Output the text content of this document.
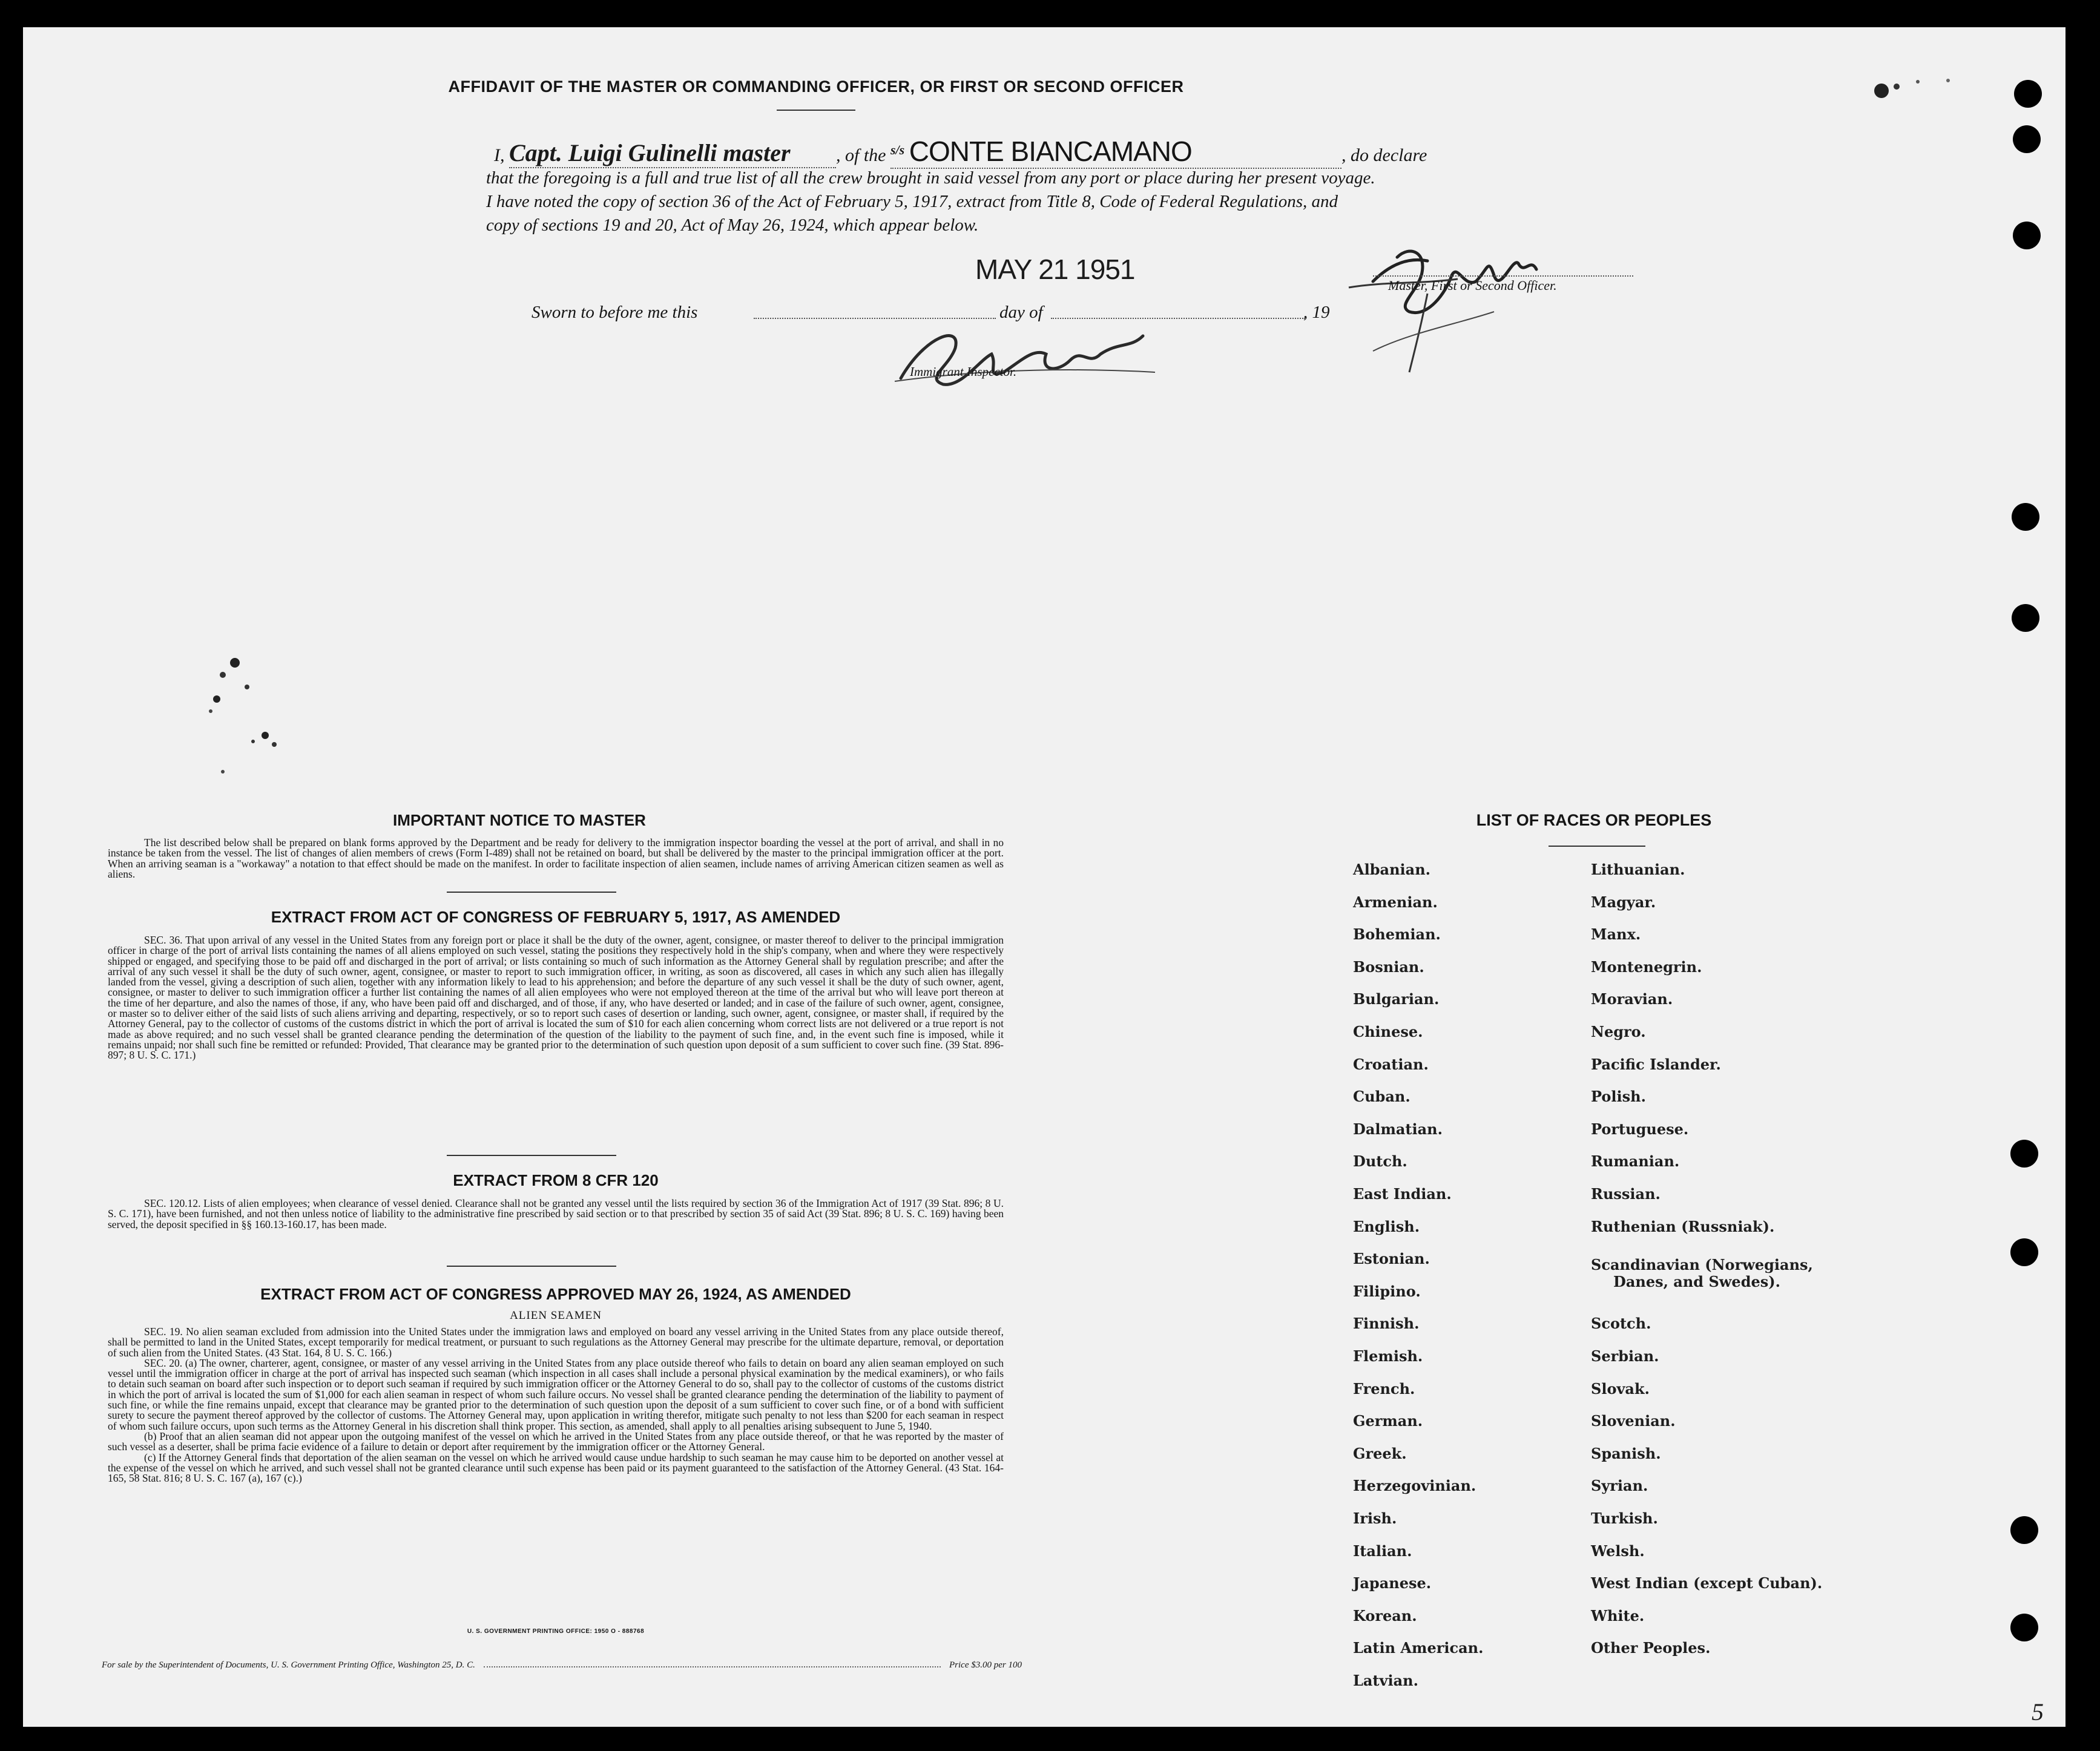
AFFIDAVIT OF THE MASTER OR COMMANDING OFFICER, OR FIRST OR SECOND OFFICER
I, Capt. Luigi Gulinelli master	, of the $^{s/s}$ CONTE BIANCAMANO	, do declare
that the foregoing is a full and true list of all the crew brought in said vessel from any port or place during her present voyage.
I have noted the copy of section 36 of the Act of February 5, 1917, extract from Title 8, Code of Federal Regulations, and
copy of sections 19 and 20, Act of May 26, 1924, which appear below.
MAY 21 1951
Master, First or Second Officer.
Sworn to before me this	day of	, 19
Immigrant Inspector.
IMPORTANT NOTICE TO MASTER
The list described below shall be prepared on blank forms approved by the Department and be ready for delivery to the immigration inspector boarding the vessel at the port of arrival, and shall in no instance be taken from the vessel. The list of changes of alien members of crews (Form I-489) shall not be retained on board, but shall be delivered by the master to the principal immigration officer at the port. When an arriving seaman is a "workaway" a notation to that effect should be made on the manifest. In order to facilitate inspection of alien seamen, include names of arriving American citizen seamen as well as aliens.
EXTRACT FROM ACT OF CONGRESS OF FEBRUARY 5, 1917, AS AMENDED
SEC. 36. That upon arrival of any vessel in the United States from any foreign port or place it shall be the duty of the owner, agent, consignee, or master thereof to deliver to the principal immigration officer in charge of the port of arrival lists containing the names of all aliens employed on such vessel, stating the positions they respectively hold in the ship's company, when and where they were respectively shipped or engaged, and specifying those to be paid off and discharged in the port of arrival; or lists containing so much of such information as the Attorney General shall by regulation prescribe; and after the arrival of any such vessel it shall be the duty of such owner, agent, consignee, or master to report to such immigration officer, in writing, as soon as discovered, all cases in which any such alien has illegally landed from the vessel, giving a description of such alien, together with any information likely to lead to his apprehension; and before the departure of any such vessel it shall be the duty of such owner, agent, consignee, or master to deliver to such immigration officer a further list containing the names of all alien employees who were not employed thereon at the time of the arrival but who will leave port thereon at the time of her departure, and also the names of those, if any, who have been paid off and discharged, and of those, if any, who have deserted or landed; and in case of the failure of such owner, agent, consignee, or master so to deliver either of the said lists of such aliens arriving and departing, respectively, or so to report such cases of desertion or landing, such owner, agent, consignee, or master shall, if required by the Attorney General, pay to the collector of customs of the customs district in which the port of arrival is located the sum of $10 for each alien concerning whom correct lists are not delivered or a true report is not made as above required; and no such vessel shall be granted clearance pending the determination of the question of the liability to the payment of such fine, and, in the event such fine is imposed, while it remains unpaid; nor shall such fine be remitted or refunded: Provided, That clearance may be granted prior to the determination of such question upon deposit of a sum sufficient to cover such fine. (39 Stat. 896-897; 8 U. S. C. 171.)
EXTRACT FROM 8 CFR 120
SEC. 120.12. Lists of alien employees; when clearance of vessel denied. Clearance shall not be granted any vessel until the lists required by section 36 of the Immigration Act of 1917 (39 Stat. 896; 8 U. S. C. 171), have been furnished, and not then unless notice of liability to the administrative fine prescribed by said section or to that prescribed by section 35 of said Act (39 Stat. 896; 8 U. S. C. 169) having been served, the deposit specified in §§ 160.13-160.17, has been made.
EXTRACT FROM ACT OF CONGRESS APPROVED MAY 26, 1924, AS AMENDED
ALIEN SEAMEN
SEC. 19. No alien seaman excluded from admission into the United States under the immigration laws and employed on board any vessel arriving in the United States from any place outside thereof, shall be permitted to land in the United States, except temporarily for medical treatment, or pursuant to such regulations as the Attorney General may prescribe for the ultimate departure, removal, or deportation of such alien from the United States. (43 Stat. 164, 8 U. S. C. 166.)
SEC. 20. (a) The owner, charterer, agent, consignee, or master of any vessel arriving in the United States from any place outside thereof who fails to detain on board any alien seaman employed on such vessel until the immigration officer in charge at the port of arrival has inspected such seaman (which inspection in all cases shall include a personal physical examination by the medical examiners), or who fails to detain such seaman on board after such inspection or to deport such seaman if required by such immigration officer or the Attorney General to do so, shall pay to the collector of customs of the customs district in which the port of arrival is located the sum of $1,000 for each alien seaman in respect of whom such failure occurs. No vessel shall be granted clearance pending the determination of the liability to payment of such fine, or while the fine remains unpaid, except that clearance may be granted prior to the determination of such question upon the deposit of a sum sufficient to cover such fine, or of a bond with sufficient surety to secure the payment thereof approved by the collector of customs. The Attorney General may, upon application in writing therefor, mitigate such penalty to not less than $200 for each seaman in respect of whom such failure occurs, upon such terms as the Attorney General in his discretion shall think proper. This section, as amended, shall apply to all penalties arising subsequent to June 5, 1940.
(b) Proof that an alien seaman did not appear upon the outgoing manifest of the vessel on which he arrived in the United States from any place outside thereof, or that he was reported by the master of such vessel as a deserter, shall be prima facie evidence of a failure to detain or deport after requirement by the immigration officer or the Attorney General.
(c) If the Attorney General finds that deportation of the alien seaman on the vessel on which he arrived would cause undue hardship to such seaman he may cause him to be deported on another vessel at the expense of the vessel on which he arrived, and such vessel shall not be granted clearance until such expense has been paid or its payment guaranteed to the satisfaction of the Attorney General. (43 Stat. 164-165, 58 Stat. 816; 8 U. S. C. 167 (a), 167 (c).)
U. S. GOVERNMENT PRINTING OFFICE: 1950 O - 888768
For sale by the Superintendent of Documents, U. S. Government Printing Office, Washington 25, D. C.	Price $3.00 per 100
LIST OF RACES OR PEOPLES
Albanian.
Armenian.
Bohemian.
Bosnian.
Bulgarian.
Chinese.
Croatian.
Cuban.
Dalmatian.
Dutch.
East Indian.
English.
Estonian.
Filipino.
Finnish.
Flemish.
French.
German.
Greek.
Herzegovinian.
Irish.
Italian.
Japanese.
Korean.
Latin American.
Latvian.
Lithuanian.
Magyar.
Manx.
Montenegrin.
Moravian.
Negro.
Pacific Islander.
Polish.
Portuguese.
Rumanian.
Russian.
Ruthenian (Russniak).
Scandinavian (Norwegians,
Danes, and Swedes).
Scotch.
Serbian.
Slovak.
Slovenian.
Spanish.
Syrian.
Turkish.
Welsh.
West Indian (except Cuban).
White.
Other Peoples.
5
